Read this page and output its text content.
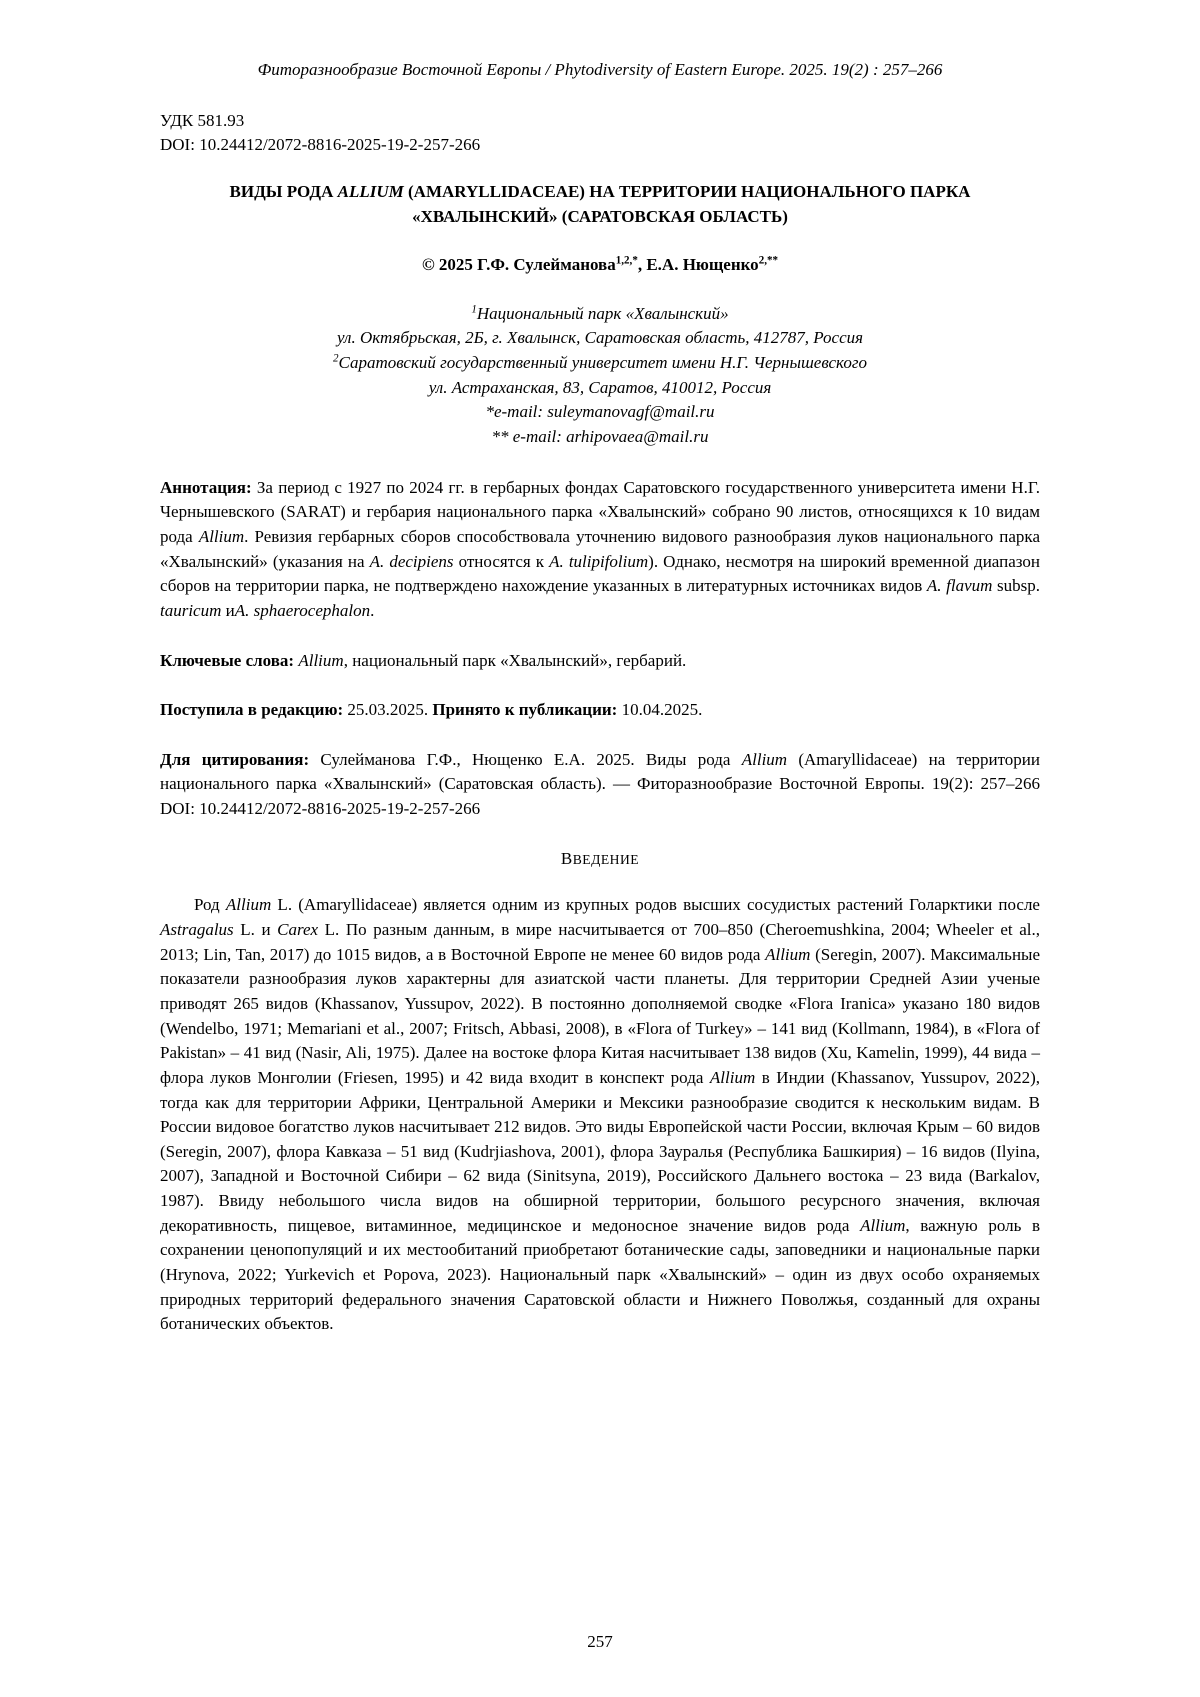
Фиторазнообразие Восточной Европы / Phytodiversity of Eastern Europe. 2025. 19(2) : 257–266
УДК 581.93
DOI: 10.24412/2072-8816-2025-19-2-257-266
ВИДЫ РОДА ALLIUM (AMARYLLIDACEAE) НА ТЕРРИТОРИИ НАЦИОНАЛЬНОГО ПАРКА «ХВАЛЫНСКИЙ» (САРАТОВСКАЯ ОБЛАСТЬ)
© 2025 Г.Ф. Сулейманова$^{1,2,*}$, Е.А. Нющенко$^{2,**}$
$^1$Национальный парк «Хвалынский»
ул. Октябрьская, 2Б, г. Хвалынск, Саратовская область, 412787, Россия
$^2$Саратовский государственный университет имени Н.Г. Чернышевского
ул. Астраханская, 83, Саратов, 410012, Россия
*e-mail: suleymanovagf@mail.ru
** e-mail: arhipovaea@mail.ru
Аннотация: За период с 1927 по 2024 гг. в гербарных фондах Саратовского государственного университета имени Н.Г. Чернышевского (SARAT) и гербария национального парка «Хвалынский» собрано 90 листов, относящихся к 10 видам рода Allium. Ревизия гербарных сборов способствовала уточнению видового разнообразия луков национального парка «Хвалынский» (указания на A. decipiens относятся к A. tulipifolium). Однако, несмотря на широкий временной диапазон сборов на территории парка, не подтверждено нахождение указанных в литературных источниках видов A. flavum subsp. tauricum иA. sphaerocephalon.
Ключевые слова: Allium, национальный парк «Хвалынский», гербарий.
Поступила в редакцию: 25.03.2025. Принято к публикации: 10.04.2025.
Для цитирования: Сулейманова Г.Ф., Нющенко Е.А. 2025. Виды рода Allium (Amaryllidaceae) на территории национального парка «Хвалынский» (Саратовская область). — Фиторазнообразие Восточной Европы. 19(2): 257–266 DOI: 10.24412/2072-8816-2025-19-2-257-266
ВВЕДЕНИЕ
Род Allium L. (Amaryllidaceae) является одним из крупных родов высших сосудистых растений Голарктики после Astragalus L. и Carex L. По разным данным, в мире насчитывается от 700–850 (Cheroemushkina, 2004; Wheeler et al., 2013; Lin, Tan, 2017) до 1015 видов, а в Восточной Европе не менее 60 видов рода Allium (Seregin, 2007). Максимальные показатели разнообразия луков характерны для азиатской части планеты. Для территории Средней Азии ученые приводят 265 видов (Khassanov, Yussupov, 2022). В постоянно дополняемой сводке «Flora Iranica» указано 180 видов (Wendelbo, 1971; Memariani et al., 2007; Fritsch, Abbasi, 2008), в «Flora of Turkey» – 141 вид (Kollmann, 1984), в «Flora of Pakistan» – 41 вид (Nasir, Ali, 1975). Далее на востоке флора Китая насчитывает 138 видов (Xu, Kamelin, 1999), 44 вида – флора луков Монголии (Friesen, 1995) и 42 вида входит в конспект рода Allium в Индии (Khassanov, Yussupov, 2022), тогда как для территории Африки, Центральной Америки и Мексики разнообразие сводится к нескольким видам. В России видовое богатство луков насчитывает 212 видов. Это виды Европейской части России, включая Крым – 60 видов (Seregin, 2007), флора Кавказа – 51 вид (Kudrjiashova, 2001), флора Зауралья (Республика Башкирия) – 16 видов (Ilyina, 2007), Западной и Восточной Сибири – 62 вида (Sinitsyna, 2019), Российского Дальнего востока – 23 вида (Barkalov, 1987). Ввиду небольшого числа видов на обширной территории, большого ресурсного значения, включая декоративность, пищевое, витаминное, медицинское и медоносное значение видов рода Allium, важную роль в сохранении ценопопуляций и их местообитаний приобретают ботанические сады, заповедники и национальные парки (Hrynova, 2022; Yurkevich et Popova, 2023). Национальный парк «Хвалынский» – один из двух особо охраняемых природных территорий федерального значения Саратовской области и Нижнего Поволжья, созданный для охраны ботанических объектов.
257
